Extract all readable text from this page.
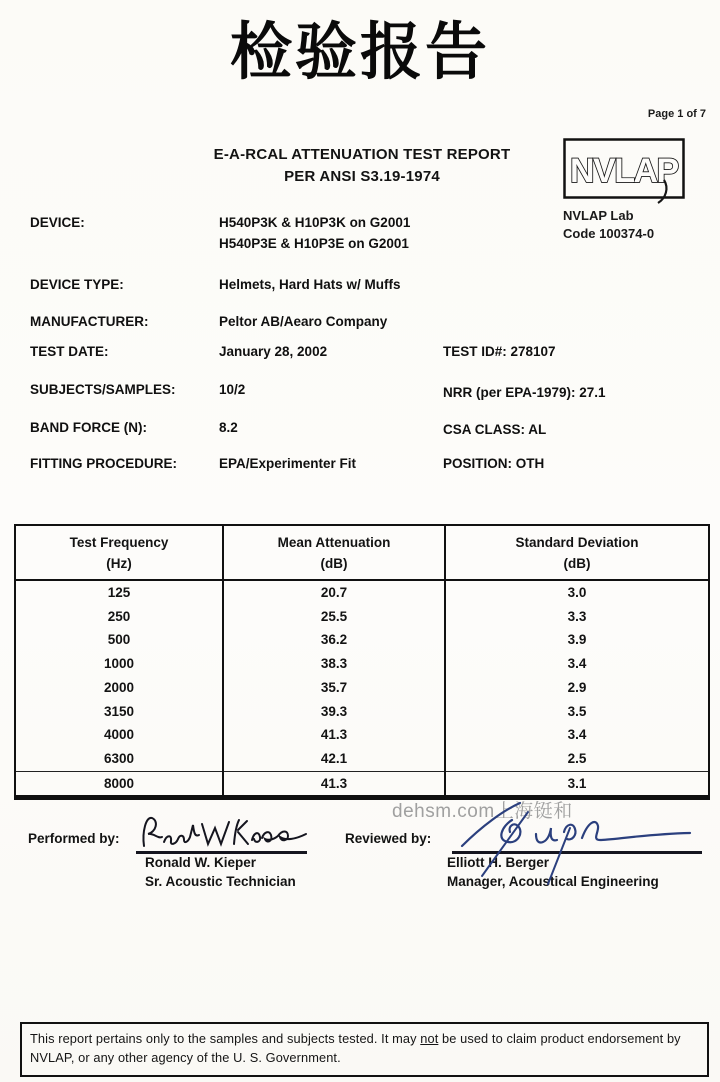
检验报告
Page 1 of 7
E-A-RCAL ATTENUATION TEST REPORT
PER ANSI S3.19-1974	NVLAP
NVLAP Lab
Code 100374-0
DEVICE:	H540P3K & H10P3K on G2001
H540P3E & H10P3E on G2001
DEVICE TYPE:	Helmets, Hard Hats w/ Muffs
MANUFACTURER:	Peltor AB/Aearo Company
TEST DATE:	January 28, 2002	TEST ID#: 278107
SUBJECTS/SAMPLES:	10/2	NRR (per EPA-1979): 27.1
BAND FORCE (N):	8.2	CSA CLASS: AL
FITTING PROCEDURE:	EPA/Experimenter Fit	POSITION: OTH
Test Frequency
(Hz)

Mean Attenuation
(dB)

Standard Deviation
(dB)

125	20.7	3.0
250	25.5	3.3
500	36.2	3.9
1000	38.3	3.4
2000	35.7	2.9
3150	39.3	3.5
4000	41.3	3.4
6300	42.1	2.5
8000	41.3	3.1
dehsm.com上海铤和
Performed by:
Ronald W. Kieper
Sr. Acoustic Technician
Reviewed by:
Elliott H. Berger
Manager, Acoustical Engineering
This report pertains only to the samples and subjects tested. It may not be used to claim product endorsement by NVLAP, or any other agency of the U. S. Government.
